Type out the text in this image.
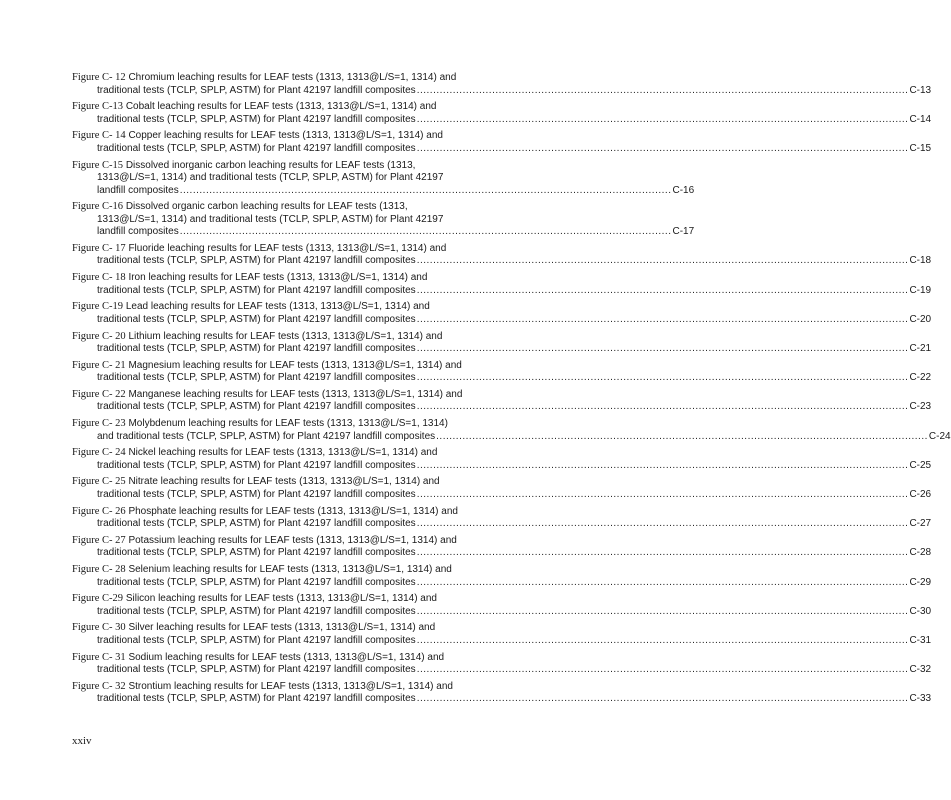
Figure C- 12 Chromium leaching results for LEAF tests (1313, 1313@L/S=1, 1314) and
traditional tests (TCLP, SPLP, ASTM) for Plant 42197 landfill composites .....	C-13
Figure C-13 Cobalt leaching results for LEAF tests (1313, 1313@L/S=1, 1314) and
traditional tests (TCLP, SPLP, ASTM) for Plant 42197 landfill composites .....	C-14
Figure C- 14 Copper leaching results for LEAF tests (1313, 1313@L/S=1, 1314) and
traditional tests (TCLP, SPLP, ASTM) for Plant 42197 landfill composites .....	C-15
Figure C-15 Dissolved inorganic carbon leaching results for LEAF tests (1313,
1313@L/S=1, 1314) and traditional tests (TCLP, SPLP, ASTM) for Plant 42197
landfill composites .....	C-16
Figure C-16 Dissolved organic carbon leaching results for LEAF tests (1313,
1313@L/S=1, 1314) and traditional tests (TCLP, SPLP, ASTM) for Plant 42197
landfill composites .....	C-17
Figure C- 17 Fluoride leaching results for LEAF tests (1313, 1313@L/S=1, 1314) and
traditional tests (TCLP, SPLP, ASTM) for Plant 42197 landfill composites .....	C-18
Figure C- 18 Iron leaching results for LEAF tests (1313, 1313@L/S=1, 1314) and
traditional tests (TCLP, SPLP, ASTM) for Plant 42197 landfill composites .....	C-19
Figure C-19 Lead leaching results for LEAF tests (1313, 1313@L/S=1, 1314) and
traditional tests (TCLP, SPLP, ASTM) for Plant 42197 landfill composites .....	C-20
Figure C- 20 Lithium leaching results for LEAF tests (1313, 1313@L/S=1, 1314) and
traditional tests (TCLP, SPLP, ASTM) for Plant 42197 landfill composites .....	C-21
Figure C- 21 Magnesium leaching results for LEAF tests (1313, 1313@L/S=1, 1314) and
traditional tests (TCLP, SPLP, ASTM) for Plant 42197 landfill composites .....	C-22
Figure C- 22 Manganese leaching results for LEAF tests (1313, 1313@L/S=1, 1314) and
traditional tests (TCLP, SPLP, ASTM) for Plant 42197 landfill composites .....	C-23
Figure C- 23 Molybdenum leaching results for LEAF tests (1313, 1313@L/S=1, 1314)
and traditional tests (TCLP, SPLP, ASTM) for Plant 42197 landfill composites .....	C-24
Figure C- 24 Nickel leaching results for LEAF tests (1313, 1313@L/S=1, 1314) and
traditional tests (TCLP, SPLP, ASTM) for Plant 42197 landfill composites .....	C-25
Figure C- 25 Nitrate leaching results for LEAF tests (1313, 1313@L/S=1, 1314) and
traditional tests (TCLP, SPLP, ASTM) for Plant 42197 landfill composites .....	C-26
Figure C- 26 Phosphate leaching results for LEAF tests (1313, 1313@L/S=1, 1314) and
traditional tests (TCLP, SPLP, ASTM) for Plant 42197 landfill composites .....	C-27
Figure C- 27 Potassium leaching results for LEAF tests (1313, 1313@L/S=1, 1314) and
traditional tests (TCLP, SPLP, ASTM) for Plant 42197 landfill composites .....	C-28
Figure C- 28 Selenium leaching results for LEAF tests (1313, 1313@L/S=1, 1314) and
traditional tests (TCLP, SPLP, ASTM) for Plant 42197 landfill composites .....	C-29
Figure C-29 Silicon leaching results for LEAF tests (1313, 1313@L/S=1, 1314) and
traditional tests (TCLP, SPLP, ASTM) for Plant 42197 landfill composites .....	C-30
Figure C- 30 Silver leaching results for LEAF tests (1313, 1313@L/S=1, 1314) and
traditional tests (TCLP, SPLP, ASTM) for Plant 42197 landfill composites .....	C-31
Figure C- 31 Sodium leaching results for LEAF tests (1313, 1313@L/S=1, 1314) and
traditional tests (TCLP, SPLP, ASTM) for Plant 42197 landfill composites .....	C-32
Figure C- 32 Strontium leaching results for LEAF tests (1313, 1313@L/S=1, 1314) and
traditional tests (TCLP, SPLP, ASTM) for Plant 42197 landfill composites .....	C-33
xxiv
